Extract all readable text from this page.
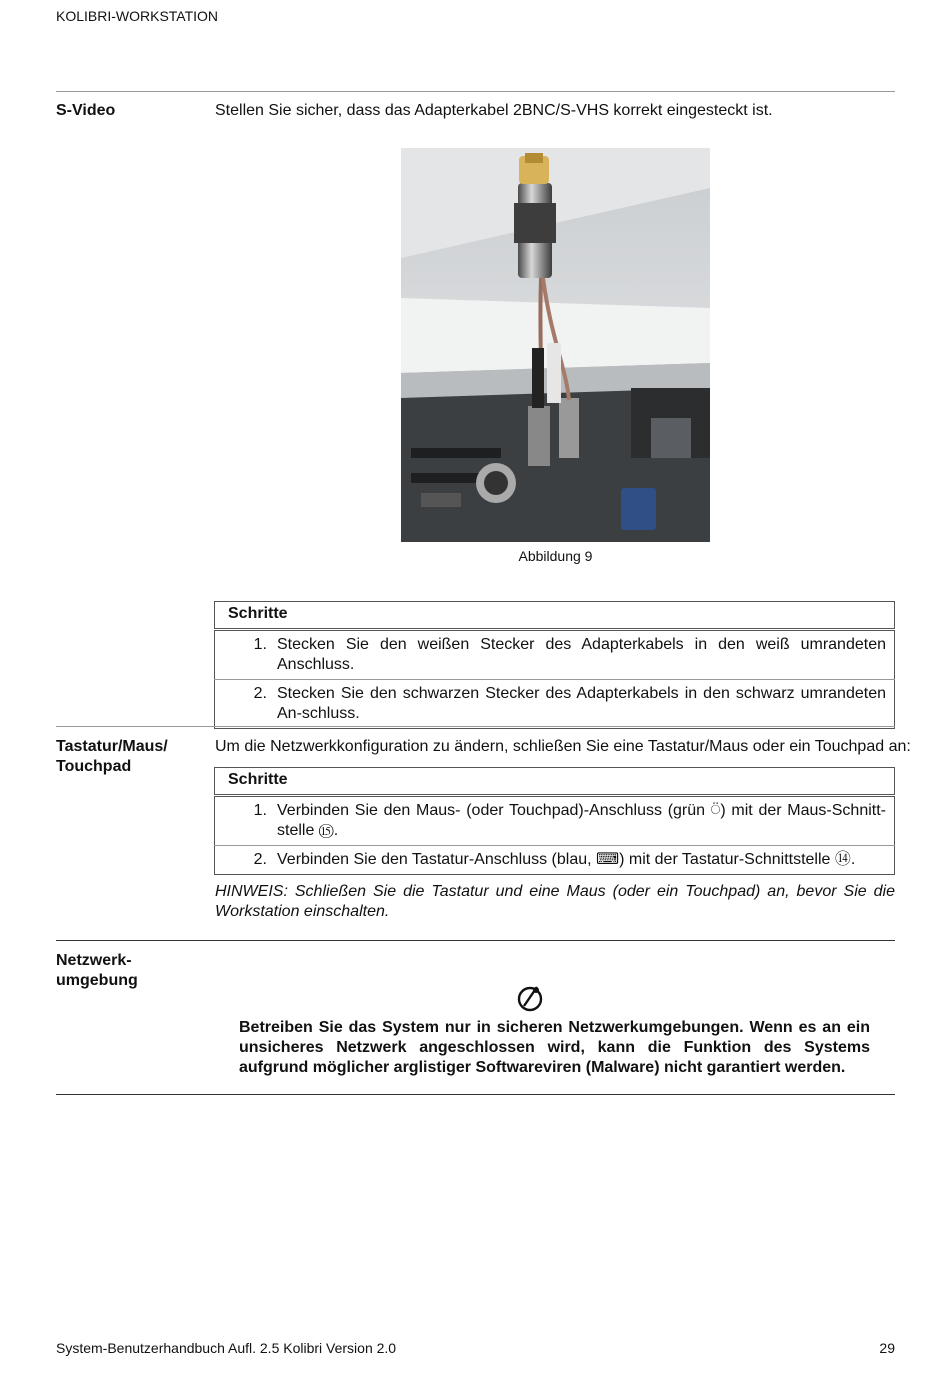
KOLIBRI-WORKSTATION
S-Video	Stellen Sie sicher, dass das Adapterkabel 2BNC/S-VHS korrekt eingesteckt ist.
Abbildung 9
Schritte	
1.	Stecken Sie den weißen Stecker des Adapterkabels in den weiß umrandeten Anschluss.
2.	Stecken Sie den schwarzen Stecker des Adapterkabels in den schwarz umrandeten An-schluss.
Tastatur/Maus/
Touchpad
Um die Netzwerkkonfiguration zu ändern, schließen Sie eine Tastatur/Maus oder ein Touchpad an:
Schritte	
1.	Verbinden Sie den Maus- (oder Touchpad)-Anschluss (grün ⍥) mit der Maus-Schnitt-stelle ⑮.
2.	Verbinden Sie den Tastatur-Anschluss (blau, ⌨) mit der Tastatur-Schnittstelle ⑭.
HINWEIS: Schließen Sie die Tastatur und eine Maus (oder ein Touchpad) an, bevor Sie die Workstation einschalten.
Netzwerk-
umgebung
Betreiben Sie das System nur in sicheren Netzwerkumgebungen. Wenn es an ein unsicheres Netzwerk angeschlossen wird, kann die Funktion des Systems aufgrund möglicher arglistiger Softwareviren (Malware) nicht garantiert werden.
System-Benutzerhandbuch Aufl. 2.5 Kolibri Version 2.0	29
